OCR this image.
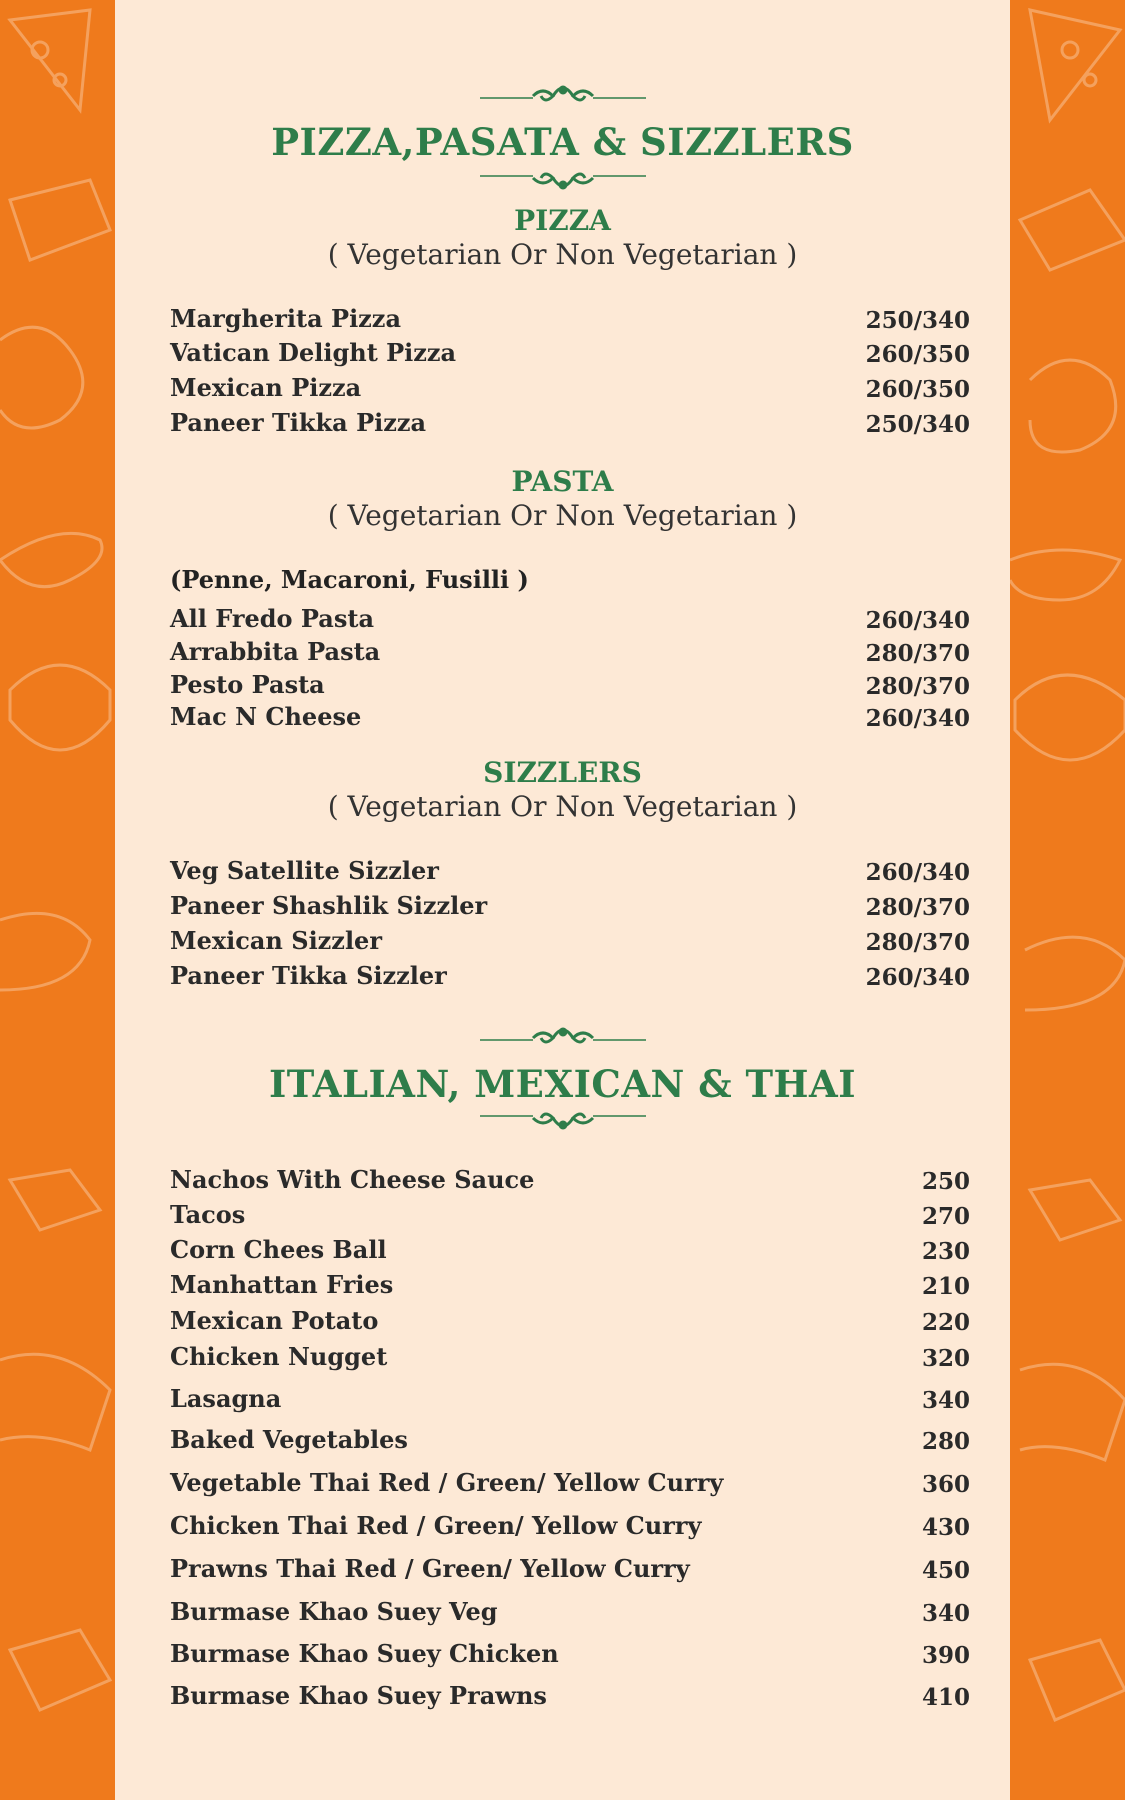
PIZZA,PASATA & SIZZLERS
PIZZA
( Vegetarian Or Non Vegetarian )
Margherita Pizza	250/340
Vatican Delight Pizza	260/350
Mexican Pizza	260/350
Paneer Tikka Pizza	250/340
PASTA
( Vegetarian Or Non Vegetarian )
(Penne, Macaroni, Fusilli )
All Fredo Pasta	260/340
Arrabbita Pasta	280/370
Pesto Pasta	280/370
Mac N Cheese	260/340
SIZZLERS
( Vegetarian Or Non Vegetarian )
Veg Satellite Sizzler	260/340
Paneer Shashlik Sizzler	280/370
Mexican Sizzler	280/370
Paneer Tikka Sizzler	260/340
ITALIAN, MEXICAN & THAI
Nachos With Cheese Sauce	250
Tacos	270
Corn Chees Ball	230
Manhattan Fries	210
Mexican Potato	220
Chicken Nugget	320
Lasagna	340
Baked Vegetables	280
Vegetable Thai Red / Green/ Yellow Curry	360
Chicken Thai Red / Green/ Yellow Curry	430
Prawns Thai Red / Green/ Yellow Curry	450
Burmase Khao Suey Veg	340
Burmase Khao Suey Chicken	390
Burmase Khao Suey Prawns	410
